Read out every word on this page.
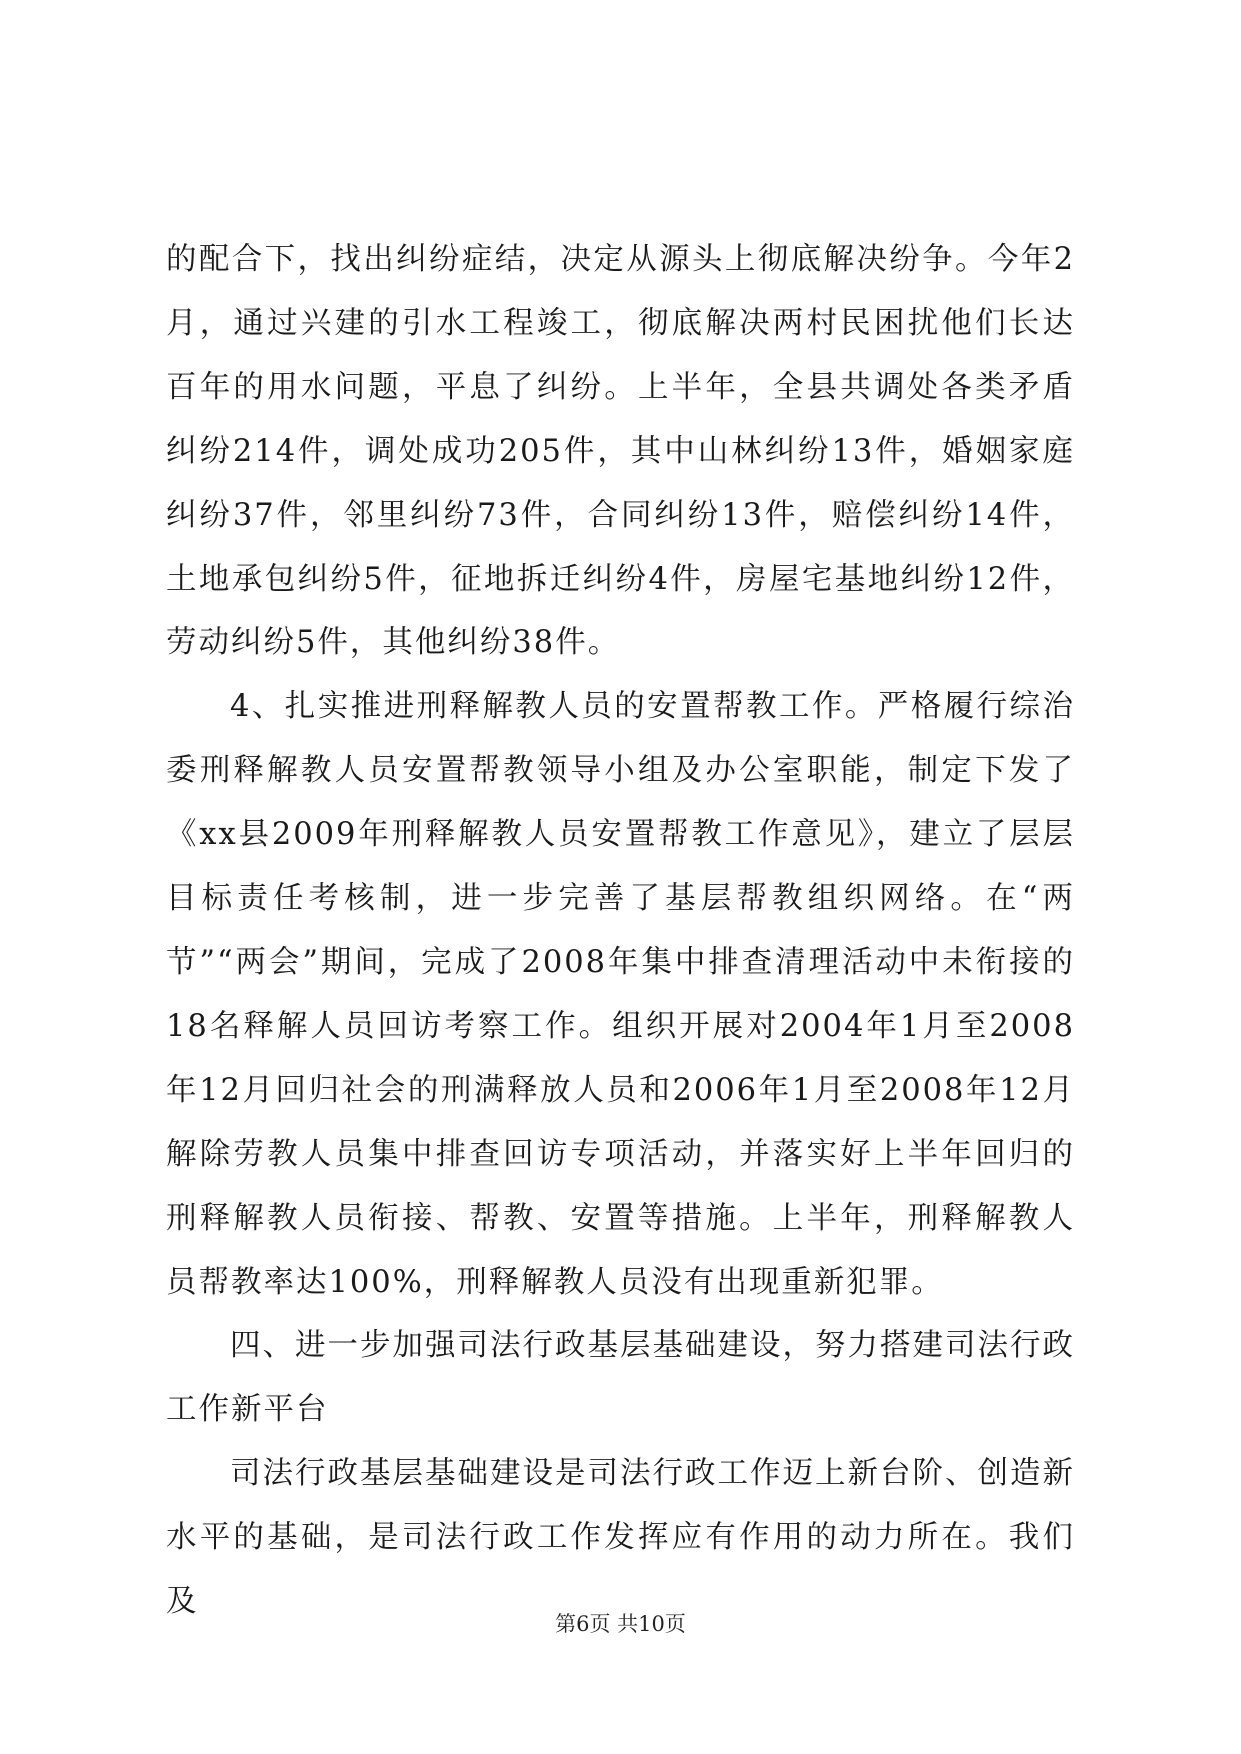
的配合下，找出纠纷症结，决定从源头上彻底解决纷争。今年2月，通过兴建的引水工程竣工，彻底解决两村民困扰他们长达百年的用水问题，平息了纠纷。上半年，全县共调处各类矛盾纠纷214件，调处成功205件，其中山林纠纷13件，婚姻家庭纠纷37件，邻里纠纷73件，合同纠纷13件，赔偿纠纷14件，土地承包纠纷5件，征地拆迁纠纷4件，房屋宅基地纠纷12件，劳动纠纷5件，其他纠纷38件。

4、扎实推进刑释解教人员的安置帮教工作。严格履行综治委刑释解教人员安置帮教领导小组及办公室职能，制定下发了《xx县2009年刑释解教人员安置帮教工作意见》，建立了层层目标责任考核制，进一步完善了基层帮教组织网络。在“两节”“两会”期间，完成了2008年集中排查清理活动中未衔接的18名释解人员回访考察工作。组织开展对2004年1月至2008年12月回归社会的刑满释放人员和2006年1月至2008年12月解除劳教人员集中排查回访专项活动，并落实好上半年回归的刑释解教人员衔接、帮教、安置等措施。上半年，刑释解教人员帮教率达100%，刑释解教人员没有出现重新犯罪。

四、进一步加强司法行政基层基础建设，努力搭建司法行政工作新平台

司法行政基层基础建设是司法行政工作迈上新台阶、创造新水平的基础，是司法行政工作发挥应有作用的动力所在。我们及

第6页 共10页
